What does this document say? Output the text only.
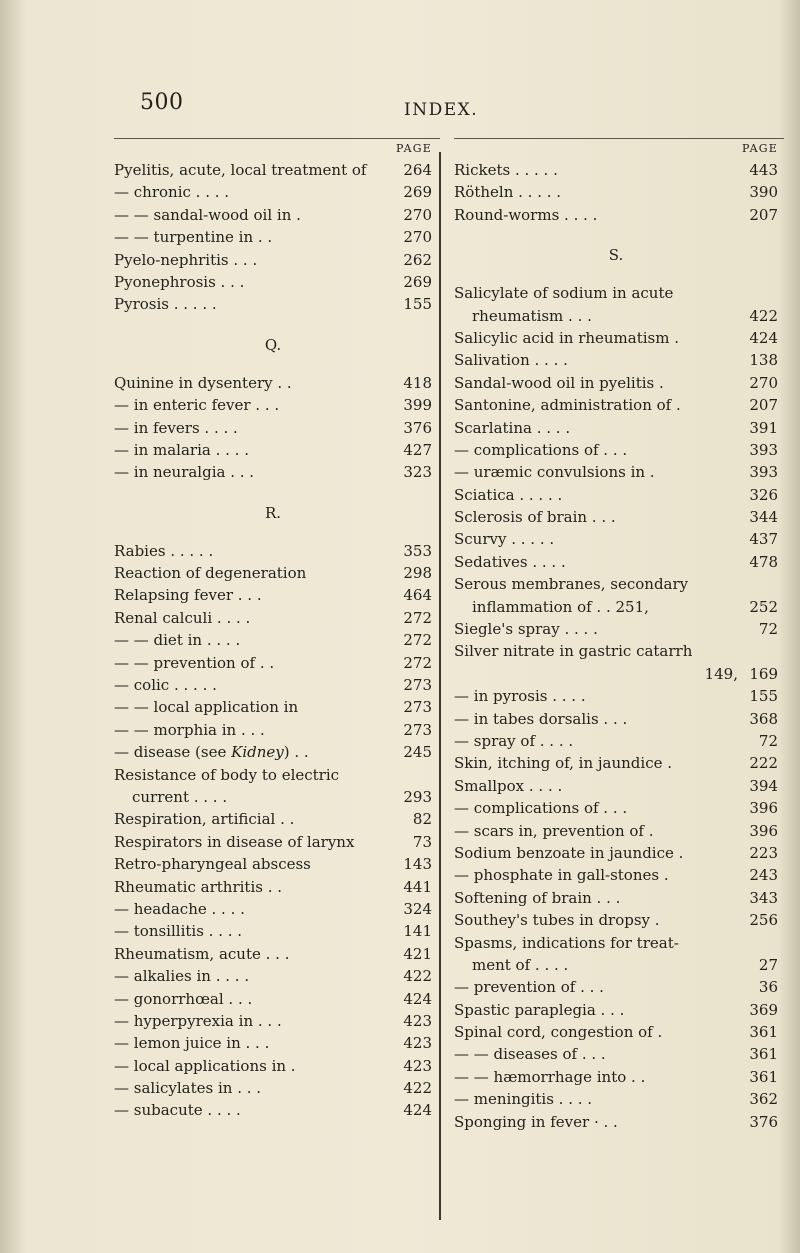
500	INDEX.
PAGE
Pyelitis, acute, local treatment of 264
— chronic . . . .	269
— — sandal-wood oil in .	270
— — turpentine in . .	270
Pyelo-nephritis . . .	262
Pyonephrosis . . .	269
Pyrosis . . . . .	155
Q.
Quinine in dysentery . .	418
— in enteric fever . . .	399
— in fevers . . . .	376
— in malaria . . . .	427
— in neuralgia . . .	323
R.
Rabies . . . . .	353
Reaction of degeneration	298
Relapsing fever . . .	464
Renal calculi . . . .	272
— — diet in . . . .	272
— — prevention of . .	272
— colic . . . . .	273
— — local application in	273
— — morphia in . . .	273
— disease (see Kidney) . .	245
Resistance of body to electric
current . . . .	293
Respiration, artificial . .	82
Respirators in disease of larynx	73
Retro-pharyngeal abscess	143
Rheumatic arthritis . .	441
— headache . . . .	324
— tonsillitis . . . .	141
Rheumatism, acute . . .	421
— alkalies in . . . .	422
— gonorrhœal . . .	424
— hyperpyrexia in . . .	423
— lemon juice in . . .	423
— local applications in .	423
— salicylates in . . .	422
— subacute . . . .	424
PAGE
Rickets . . . . .	443
Rötheln . . . . .	390
Round-worms . . . .	207
S.
Salicylate of sodium in acute
rheumatism . . .	422
Salicylic acid in rheumatism .	424
Salivation . . . .	138
Sandal-wood oil in pyelitis .	270
Santonine, administration of .	207
Scarlatina . . . .	391
— complications of . . .	393
— uræmic convulsions in .	393
Sciatica . . . . .	326
Sclerosis of brain . . .	344
Scurvy . . . . .	437
Sedatives . . . .	478
Serous membranes, secondary
inflammation of . . 251,	252
Siegle's spray . . . .	72
Silver nitrate in gastric catarrh
149, 169
— in pyrosis . . . .	155
— in tabes dorsalis . . .	368
— spray of . . . .	72
Skin, itching of, in jaundice .	222
Smallpox . . . .	394
— complications of . . .	396
— scars in, prevention of .	396
Sodium benzoate in jaundice .	223
— phosphate in gall-stones .	243
Softening of brain . . .	343
Southey's tubes in dropsy .	256
Spasms, indications for treat-
ment of . . . .	27
— prevention of . . .	36
Spastic paraplegia . . .	369
Spinal cord, congestion of .	361
— — diseases of . . .	361
— — hæmorrhage into . .	361
— meningitis . . . .	362
Sponging in fever · . .	376
